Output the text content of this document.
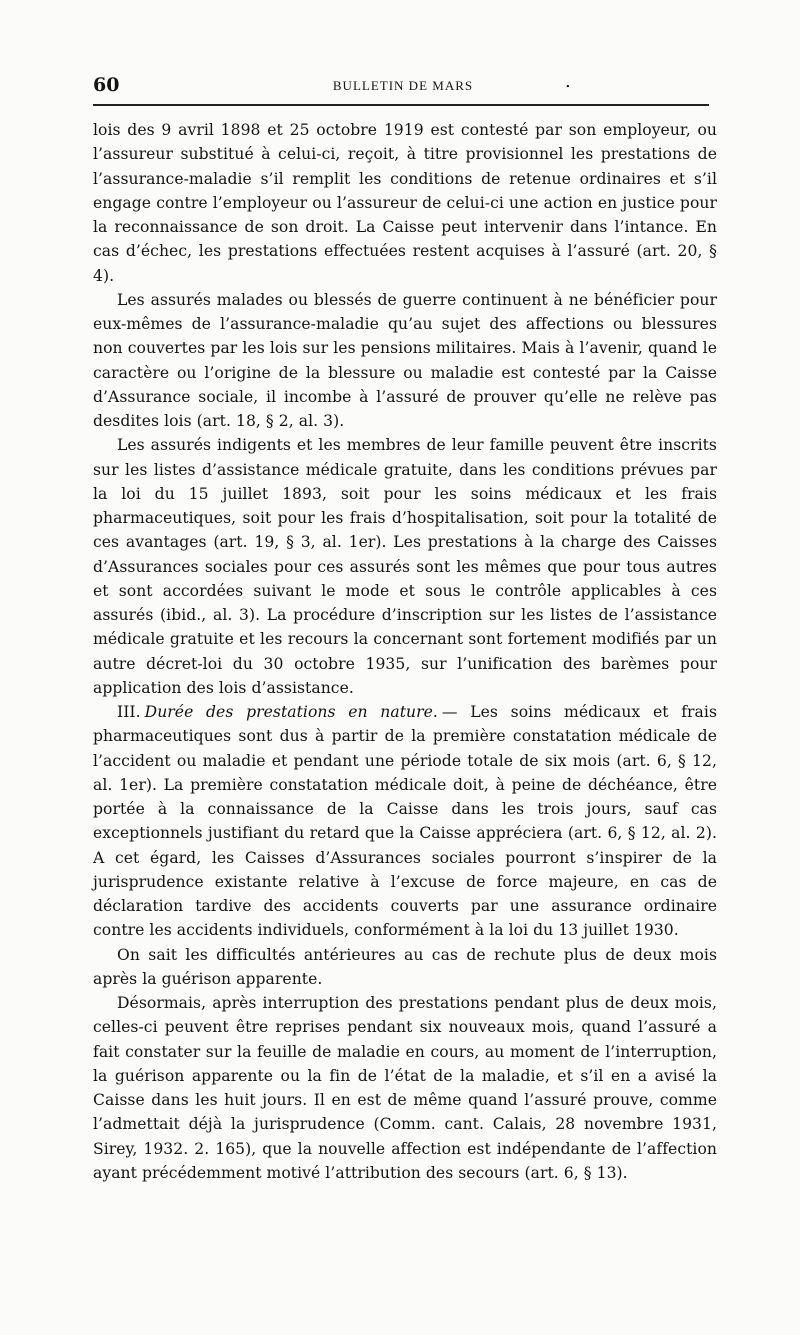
60	BULLETIN DE MARS	.

lois des 9 avril 1898 et 25 octobre 1919 est contesté par son employeur, ou l’assureur substitué à celui-ci, reçoit, à titre provisionnel les prestations de l’assurance-maladie s’il remplit les conditions de retenue ordinaires et s’il engage contre l’employeur ou l’assureur de celui-ci une action en justice pour la reconnaissance de son droit. La Caisse peut intervenir dans l’intance. En cas d’échec, les prestations effectuées restent acquises à l’assuré (art. 20, § 4).

Les assurés malades ou blessés de guerre continuent à ne bénéficier pour eux-mêmes de l’assurance-maladie qu’au sujet des affections ou blessures non couvertes par les lois sur les pensions militaires. Mais à l’avenir, quand le caractère ou l’origine de la blessure ou maladie est contesté par la Caisse d’Assurance sociale, il incombe à l’assuré de prouver qu’elle ne relève pas desdites lois (art. 18, § 2, al. 3).

Les assurés indigents et les membres de leur famille peuvent être inscrits sur les listes d’assistance médicale gratuite, dans les conditions prévues par la loi du 15 juillet 1893, soit pour les soins médicaux et les frais pharmaceutiques, soit pour les frais d’hospitalisation, soit pour la totalité de ces avantages (art. 19, § 3, al. 1er). Les prestations à la charge des Caisses d’Assurances sociales pour ces assurés sont les mêmes que pour tous autres et sont accordées suivant le mode et sous le contrôle applicables à ces assurés (ibid., al. 3). La procédure d’inscription sur les listes de l’assistance médicale gratuite et les recours la concernant sont fortement modifiés par un autre décret-loi du 30 octobre 1935, sur l’unification des barèmes pour application des lois d’assistance.

III. Durée des prestations en nature. — Les soins médicaux et frais pharmaceutiques sont dus à partir de la première constatation médicale de l’accident ou maladie et pendant une période totale de six mois (art. 6, § 12, al. 1er). La première constatation médicale doit, à peine de déchéance, être portée à la connaissance de la Caisse dans les trois jours, sauf cas exceptionnels justifiant du retard que la Caisse appréciera (art. 6, § 12, al. 2). A cet égard, les Caisses d’Assurances sociales pourront s’inspirer de la jurisprudence existante relative à l’excuse de force majeure, en cas de déclaration tardive des accidents couverts par une assurance ordinaire contre les accidents individuels, conformément à la loi du 13 juillet 1930.

On sait les difficultés antérieures au cas de rechute plus de deux mois après la guérison apparente.

Désormais, après interruption des prestations pendant plus de deux mois, celles-ci peuvent être reprises pendant six nouveaux mois, quand l’assuré a fait constater sur la feuille de maladie en cours, au moment de l’interruption, la guérison apparente ou la fin de l’état de la maladie, et s’il en a avisé la Caisse dans les huit jours. Il en est de même quand l’assuré prouve, comme l’admettait déjà la jurisprudence (Comm. cant. Calais, 28 novembre 1931, Sirey, 1932. 2. 165), que la nouvelle affection est indépendante de l’affection ayant précédemment motivé l’attribution des secours (art. 6, § 13).
